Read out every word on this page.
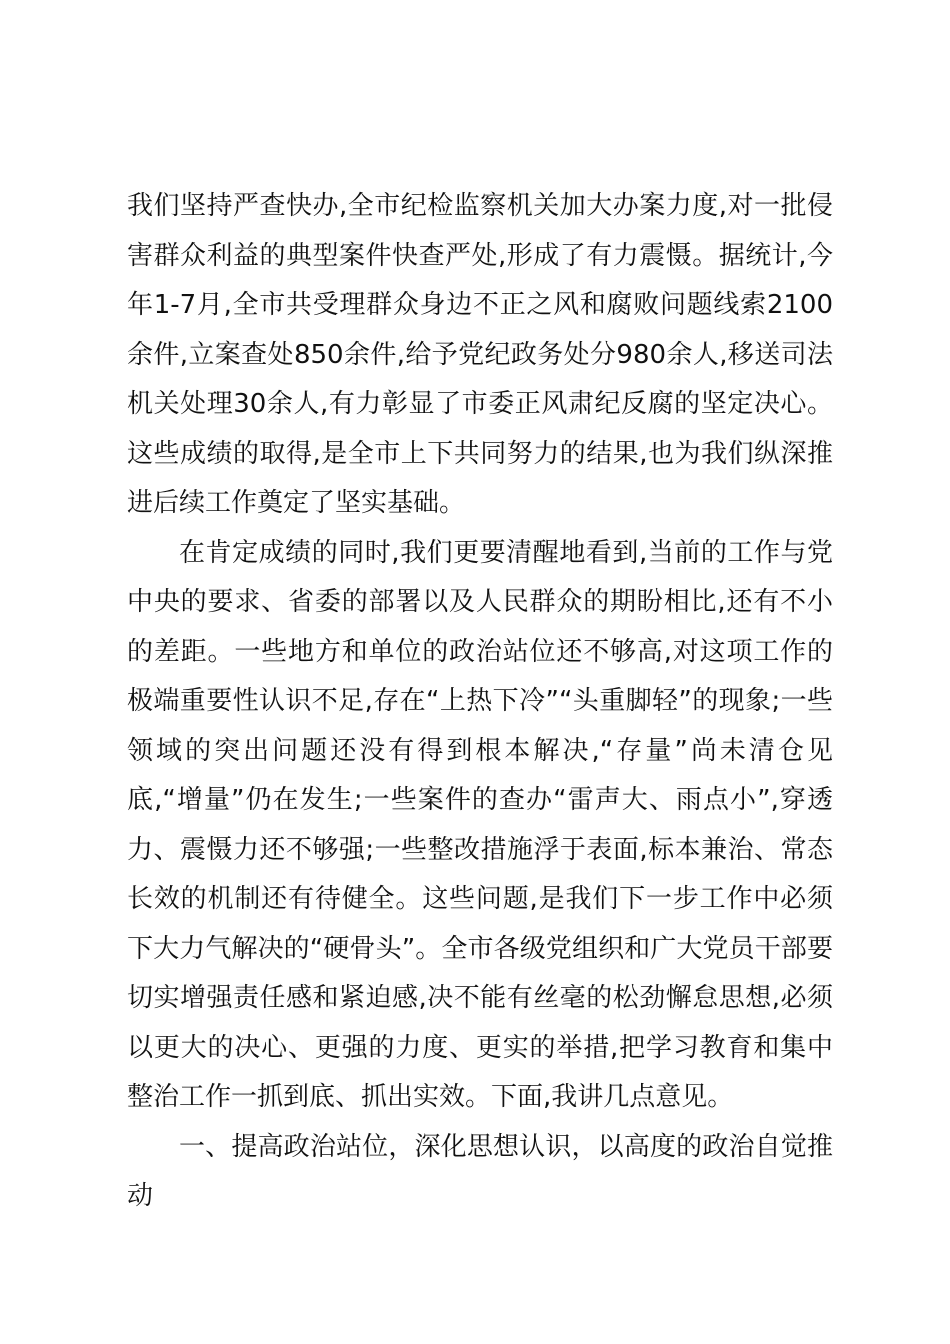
我们坚持严查快办,全市纪检监察机关加大办案力度,对一批侵害群众利益的典型案件快查严处,形成了有力震慑。据统计,今年1-7月,全市共受理群众身边不正之风和腐败问题线索2100余件,立案查处850余件,给予党纪政务处分980余人,移送司法机关处理30余人,有力彰显了市委正风肃纪反腐的坚定决心。这些成绩的取得,是全市上下共同努力的结果,也为我们纵深推进后续工作奠定了坚实基础。

在肯定成绩的同时,我们更要清醒地看到,当前的工作与党中央的要求、省委的部署以及人民群众的期盼相比,还有不小的差距。一些地方和单位的政治站位还不够高,对这项工作的极端重要性认识不足,存在“上热下冷”“头重脚轻”的现象;一些领域的突出问题还没有得到根本解决,“存量”尚未清仓见底,“增量”仍在发生;一些案件的查办“雷声大、雨点小”,穿透力、震慑力还不够强;一些整改措施浮于表面,标本兼治、常态长效的机制还有待健全。这些问题,是我们下一步工作中必须下大力气解决的“硬骨头”。全市各级党组织和广大党员干部要切实增强责任感和紧迫感,决不能有丝毫的松劲懈怠思想,必须以更大的决心、更强的力度、更实的举措,把学习教育和集中整治工作一抓到底、抓出实效。下面,我讲几点意见。

一、提高政治站位，深化思想认识，以高度的政治自觉推动
